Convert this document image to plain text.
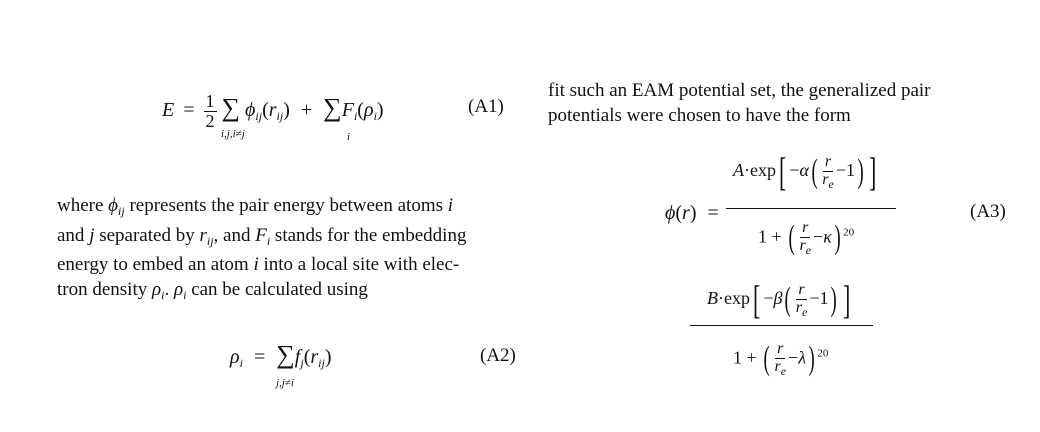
$E = \frac{1}{2}$ ∑ $\phi_{ij}(r_{ij}) + \sum F_i(\rho_i)$
i,j,i≠j	i
(A1)
where $\phi_{ij}$ represents the pair energy between atoms i
and j separated by $r_{ij}$, and $F_i$ stands for the embedding
energy to embed an atom i into a local site with elec-
tron density $\rho_i$. $\rho_i$ can be calculated using
$\rho_i = \sum f_j(r_{ij})$
j,j≠i
(A2)
fit such an EAM potential set, the generalized pair
potentials were chosen to have the form
ϕ(r) =
$A\cdot\exp[ -\alpha( \frac{r}{r_e} -1)$ ]
1 + ( $\frac{r}{r_e} -\kappa$) $^{20}$
(A3)
$B\cdot\exp[ -\beta( \frac{r}{r_e} -1)$ ]
1 + ( $\frac{r}{r_e} -\lambda$) $^{20}$
